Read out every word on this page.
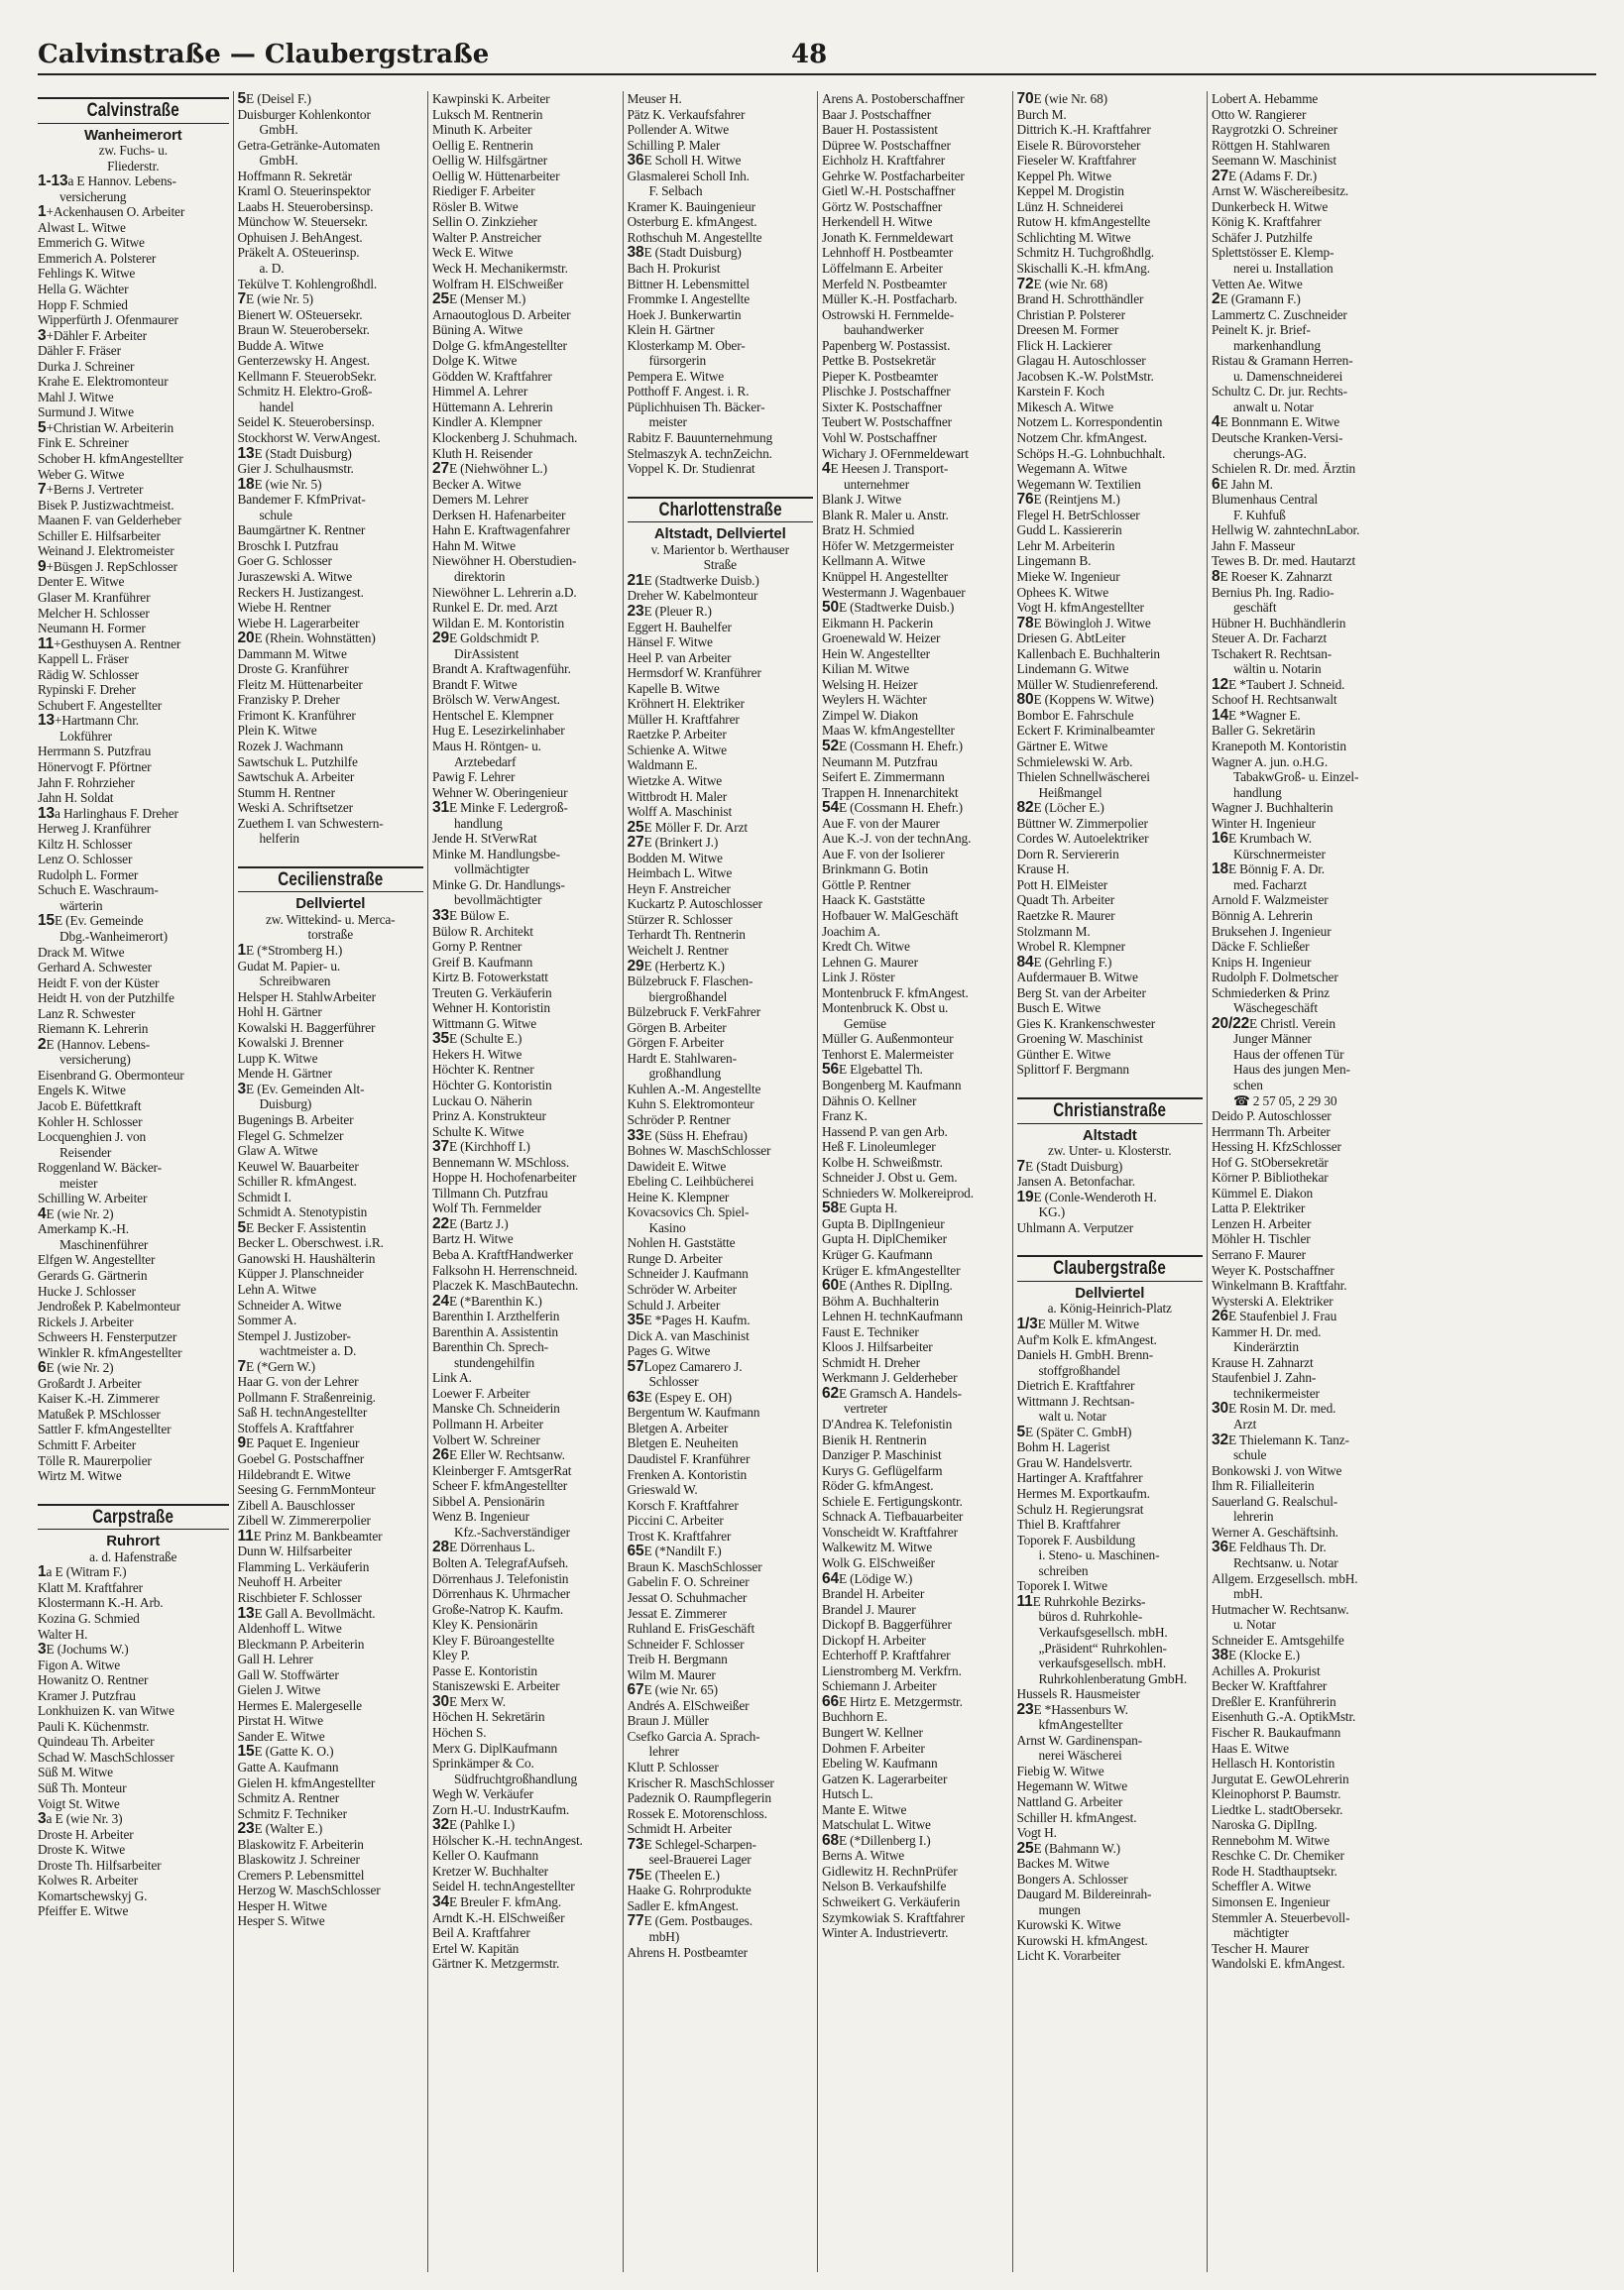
Calvinstraße — Claubergstraße	48
Calvinstraße
Wanheimerort
zw. Fuchs- u.
Fliederstr.
1-13a E Hannov. Lebens-
versicherung
1+Ackenhausen O. Arbeiter
Alwast L. Witwe
Emmerich G. Witwe
Emmerich A. Polsterer
Fehlings K. Witwe
Hella G. Wächter
Hopp F. Schmied
Wipperfürth J. Ofenmaurer
3+Dähler F. Arbeiter
Dähler F. Fräser
Durka J. Schreiner
Krahe E. Elektromonteur
Mahl J. Witwe
Surmund J. Witwe
5+Christian W. Arbeiterin
Fink E. Schreiner
Schober H. kfmAngestellter
Weber G. Witwe
7+Berns J. Vertreter
Bisek P. Justizwachtmeist.
Maanen F. van Gelderheber
Schiller E. Hilfsarbeiter
Weinand J. Elektromeister
9+Büsgen J. RepSchlosser
Denter E. Witwe
Glaser M. Kranführer
Melcher H. Schlosser
Neumann H. Former
11+Gesthuysen A. Rentner
Kappell L. Fräser
Rädig W. Schlosser
Rypinski F. Dreher
Schubert F. Angestellter
13+Hartmann Chr.
Lokführer
Herrmann S. Putzfrau
Hönervogt F. Pförtner
Jahn F. Rohrzieher
Jahn H. Soldat
13a Harlinghaus F. Dreher
Herweg J. Kranführer
Kiltz H. Schlosser
Lenz O. Schlosser
Rudolph L. Former
Schuch E. Waschraum-
wärterin
15E (Ev. Gemeinde
Dbg.-Wanheimerort)
Drack M. Witwe
Gerhard A. Schwester
Heidt F. von der Küster
Heidt H. von der Putzhilfe
Lanz R. Schwester
Riemann K. Lehrerin
2E (Hannov. Lebens-
versicherung)
Eisenbrand G. Obermonteur
Engels K. Witwe
Jacob E. Büfettkraft
Kohler H. Schlosser
Locquenghien J. von
Reisender
Roggenland W. Bäcker-
meister
Schilling W. Arbeiter
4E (wie Nr. 2)
Amerkamp K.-H.
Maschinenführer
Elfgen W. Angestellter
Gerards G. Gärtnerin
Hucke J. Schlosser
Jendroßek P. Kabelmonteur
Rickels J. Arbeiter
Schweers H. Fensterputzer
Winkler R. kfmAngestellter
6E (wie Nr. 2)
Großardt J. Arbeiter
Kaiser K.-H. Zimmerer
Matußek P. MSchlosser
Sattler F. kfmAngestellter
Schmitt F. Arbeiter
Tölle R. Maurerpolier
Wirtz M. Witwe
Carpstraße
Ruhrort
a. d. Hafenstraße
1a E (Witram F.)
Klatt M. Kraftfahrer
Klostermann K.-H. Arb.
Kozina G. Schmied
Walter H.
3E (Jochums W.)
Figon A. Witwe
Howanitz O. Rentner
Kramer J. Putzfrau
Lonkhuizen K. van Witwe
Pauli K. Küchenmstr.
Quindeau Th. Arbeiter
Schad W. MaschSchlosser
Süß M. Witwe
Süß Th. Monteur
Voigt St. Witwe
3a E (wie Nr. 3)
Droste H. Arbeiter
Droste K. Witwe
Droste Th. Hilfsarbeiter
Kolwes R. Arbeiter
Komartschewskyj G.
Pfeiffer E. Witwe
5E (Deisel F.)
Duisburger Kohlenkontor
GmbH.
Getra-Getränke-Automaten
GmbH.
Hoffmann R. Sekretär
Kraml O. Steuerinspektor
Laabs H. Steuerobersinsp.
Münchow W. Steuersekr.
Ophuisen J. BehAngest.
Präkelt A. OSteuerinsp.
a. D.
Tekülve T. Kohlengroßhdl.
7E (wie Nr. 5)
Bienert W. OSteuersekr.
Braun W. Steuerobersekr.
Budde A. Witwe
Genterzewsky H. Angest.
Kellmann F. SteuerobSekr.
Schmitz H. Elektro-Groß-
handel
Seidel K. Steuerobersinsp.
Stockhorst W. VerwAngest.
13E (Stadt Duisburg)
Gier J. Schulhausmstr.
18E (wie Nr. 5)
Bandemer F. KfmPrivat-
schule
Baumgärtner K. Rentner
Broschk I. Putzfrau
Goer G. Schlosser
Juraszewski A. Witwe
Reckers H. Justizangest.
Wiebe H. Rentner
Wiebe H. Lagerarbeiter
20E (Rhein. Wohnstätten)
Dammann M. Witwe
Droste G. Kranführer
Fleitz M. Hüttenarbeiter
Franzisky P. Dreher
Frimont K. Kranführer
Plein K. Witwe
Rozek J. Wachmann
Sawtschuk L. Putzhilfe
Sawtschuk A. Arbeiter
Stumm H. Rentner
Weski A. Schriftsetzer
Zuethem I. van Schwestern-
helferin
Cecilienstraße
Dellviertel
zw. Wittekind- u. Merca-
torstraße
1E (*Stromberg H.)
Gudat M. Papier- u.
Schreibwaren
Helsper H. StahlwArbeiter
Hohl H. Gärtner
Kowalski H. Baggerführer
Kowalski J. Brenner
Lupp K. Witwe
Mende H. Gärtner
3E (Ev. Gemeinden Alt-
Duisburg)
Bugenings B. Arbeiter
Flegel G. Schmelzer
Glaw A. Witwe
Keuwel W. Bauarbeiter
Schiller R. kfmAngest.
Schmidt I.
Schmidt A. Stenotypistin
5E Becker F. Assistentin
Becker L. Oberschwest. i.R.
Ganowski H. Haushälterin
Küpper J. Planschneider
Lehn A. Witwe
Schneider A. Witwe
Sommer A.
Stempel J. Justizober-
wachtmeister a. D.
7E (*Gern W.)
Haar G. von der Lehrer
Pollmann F. Straßenreinig.
Saß H. technAngestellter
Stoffels A. Kraftfahrer
9E Paquet E. Ingenieur
Goebel G. Postschaffner
Hildebrandt E. Witwe
Seesing G. FernmMonteur
Zibell A. Bauschlosser
Zibell W. Zimmererpolier
11E Prinz M. Bankbeamter
Dunn W. Hilfsarbeiter
Flamming L. Verkäuferin
Neuhoff H. Arbeiter
Rischbieter F. Schlosser
13E Gall A. Bevollmächt.
Aldenhoff L. Witwe
Bleckmann P. Arbeiterin
Gall H. Lehrer
Gall W. Stoffwärter
Gielen J. Witwe
Hermes E. Malergeselle
Pirstat H. Witwe
Sander E. Witwe
15E (Gatte K. O.)
Gatte A. Kaufmann
Gielen H. kfmAngestellter
Schmitz A. Rentner
Schmitz F. Techniker
23E (Walter E.)
Blaskowitz F. Arbeiterin
Blaskowitz J. Schreiner
Cremers P. Lebensmittel
Herzog W. MaschSchlosser
Hesper H. Witwe
Hesper S. Witwe
Kawpinski K. Arbeiter
Luksch M. Rentnerin
Minuth K. Arbeiter
Oellig E. Rentnerin
Oellig W. Hilfsgärtner
Oellig W. Hüttenarbeiter
Riediger F. Arbeiter
Rösler B. Witwe
Sellin O. Zinkzieher
Walter P. Anstreicher
Weck E. Witwe
Weck H. Mechanikermstr.
Wolfram H. ElSchweißer
25E (Menser M.)
Arnaoutoglous D. Arbeiter
Büning A. Witwe
Dolge G. kfmAngestellter
Dolge K. Witwe
Gödden W. Kraftfahrer
Himmel A. Lehrer
Hüttemann A. Lehrerin
Kindler A. Klempner
Klockenberg J. Schuhmach.
Kluth H. Reisender
27E (Niehwöhner L.)
Becker A. Witwe
Demers M. Lehrer
Derksen H. Hafenarbeiter
Hahn E. Kraftwagenfahrer
Hahn M. Witwe
Niewöhner H. Oberstudien-
direktorin
Niewöhner L. Lehrerin a.D.
Runkel E. Dr. med. Arzt
Wildan E. M. Kontoristin
29E Goldschmidt P.
DirAssistent
Brandt A. Kraftwagenführ.
Brandt F. Witwe
Brölsch W. VerwAngest.
Hentschel E. Klempner
Hug E. Lesezirkelinhaber
Maus H. Röntgen- u.
Arztebedarf
Pawig F. Lehrer
Wehner W. Oberingenieur
31E Minke F. Ledergroß-
handlung
Jende H. StVerwRat
Minke M. Handlungsbe-
vollmächtigter
Minke G. Dr. Handlungs-
bevollmächtigter
33E Bülow E.
Bülow R. Architekt
Gorny P. Rentner
Greif B. Kaufmann
Kirtz B. Fotowerkstatt
Treuten G. Verkäuferin
Wehner H. Kontoristin
Wittmann G. Witwe
35E (Schulte E.)
Hekers H. Witwe
Höchter K. Rentner
Höchter G. Kontoristin
Luckau O. Näherin
Prinz A. Konstrukteur
Schulte K. Witwe
37E (Kirchhoff I.)
Bennemann W. MSchloss.
Hoppe H. Hochofenarbeiter
Tillmann Ch. Putzfrau
Wolf Th. Fernmelder
22E (Bartz J.)
Bartz H. Witwe
Beba A. KraftfHandwerker
Falksohn H. Herrenschneid.
Placzek K. MaschBautechn.
24E (*Barenthin K.)
Barenthin I. Arzthelferin
Barenthin A. Assistentin
Barenthin Ch. Sprech-
stundengehilfin
Link A.
Loewer F. Arbeiter
Manske Ch. Schneiderin
Pollmann H. Arbeiter
Volbert W. Schreiner
26E Eller W. Rechtsanw.
Kleinberger F. AmtsgerRat
Scheer F. kfmAngestellter
Sibbel A. Pensionärin
Wenz B. Ingenieur
Kfz.-Sachverständiger
28E Dörrenhaus L.
Bolten A. TelegrafAufseh.
Dörrenhaus J. Telefonistin
Dörrenhaus K. Uhrmacher
Große-Natrop K. Kaufm.
Kley K. Pensionärin
Kley F. Büroangestellte
Kley P.
Passe E. Kontoristin
Staniszewski E. Arbeiter
30E Merx W.
Höchen H. Sekretärin
Höchen S.
Merx G. DiplKaufmann
Sprinkämper & Co.
Südfruchtgroßhandlung
Wegh W. Verkäufer
Zorn H.-U. IndustrKaufm.
32E (Pahlke I.)
Hölscher K.-H. technAngest.
Keller O. Kaufmann
Kretzer W. Buchhalter
Seidel H. technAngestellter
34E Breuler F. kfmAng.
Arndt K.-H. ElSchweißer
Beil A. Kraftfahrer
Ertel W. Kapitän
Gärtner K. Metzgermstr.
Meuser H.
Pätz K. Verkaufsfahrer
Pollender A. Witwe
Schilling P. Maler
36E Scholl H. Witwe
Glasmalerei Scholl Inh.
F. Selbach
Kramer K. Bauingenieur
Osterburg E. kfmAngest.
Rothschuh M. Angestellte
38E (Stadt Duisburg)
Bach H. Prokurist
Bittner H. Lebensmittel
Frommke I. Angestellte
Hoek J. Bunkerwartin
Klein H. Gärtner
Klosterkamp M. Ober-
fürsorgerin
Pempera E. Witwe
Potthoff F. Angest. i. R.
Püplichhuisen Th. Bäcker-
meister
Rabitz F. Bauunternehmung
Stelmaszyk A. technZeichn.
Voppel K. Dr. Studienrat
Charlottenstraße
Altstadt, Dellviertel
v. Marientor b. Werthauser
Straße
21E (Stadtwerke Duisb.)
Dreher W. Kabelmonteur
23E (Pleuer R.)
Eggert H. Bauhelfer
Hänsel F. Witwe
Heel P. van Arbeiter
Hermsdorf W. Kranführer
Kapelle B. Witwe
Kröhnert H. Elektriker
Müller H. Kraftfahrer
Raetzke P. Arbeiter
Schienke A. Witwe
Waldmann E.
Wietzke A. Witwe
Wittbrodt H. Maler
Wolff A. Maschinist
25E Möller F. Dr. Arzt
27E (Brinkert J.)
Bodden M. Witwe
Heimbach L. Witwe
Heyn F. Anstreicher
Kuckartz P. Autoschlosser
Stürzer R. Schlosser
Terhardt Th. Rentnerin
Weichelt J. Rentner
29E (Herbertz K.)
Bülzebruck F. Flaschen-
biergroßhandel
Bülzebruck F. VerkFahrer
Görgen B. Arbeiter
Görgen F. Arbeiter
Hardt E. Stahlwaren-
großhandlung
Kuhlen A.-M. Angestellte
Kuhn S. Elektromonteur
Schröder P. Rentner
33E (Süss H. Ehefrau)
Bohnes W. MaschSchlosser
Dawideit E. Witwe
Ebeling C. Leihbücherei
Heine K. Klempner
Kovacsovics Ch. Spiel-
Kasino
Nohlen H. Gaststätte
Runge D. Arbeiter
Schneider J. Kaufmann
Schröder W. Arbeiter
Schuld J. Arbeiter
35E *Pages H. Kaufm.
Dick A. van Maschinist
Pages G. Witwe
57Lopez Camarero J.
Schlosser
63E (Espey E. OH)
Bergentum W. Kaufmann
Bletgen A. Arbeiter
Bletgen E. Neuheiten
Daudistel F. Kranführer
Frenken A. Kontoristin
Grieswald W.
Korsch F. Kraftfahrer
Piccini C. Arbeiter
Trost K. Kraftfahrer
65E (*Nandilt F.)
Braun K. MaschSchlosser
Gabelin F. O. Schreiner
Jessat O. Schuhmacher
Jessat E. Zimmerer
Ruhland E. FrisGeschäft
Schneider F. Schlosser
Treib H. Bergmann
Wilm M. Maurer
67E (wie Nr. 65)
Andrés A. ElSchweißer
Braun J. Müller
Csefko Garcia A. Sprach-
lehrer
Klutt P. Schlosser
Krischer R. MaschSchlosser
Padeznik O. Raumpflegerin
Rossek E. Motorenschloss.
Schmidt H. Arbeiter
73E Schlegel-Scharpen-
seel-Brauerei Lager
75E (Theelen E.)
Haake G. Rohrprodukte
Sadler E. kfmAngest.
77E (Gem. Postbauges.
mbH)
Ahrens H. Postbeamter
Arens A. Postoberschaffner
Baar J. Postschaffner
Bauer H. Postassistent
Düpree W. Postschaffner
Eichholz H. Kraftfahrer
Gehrke W. Postfacharbeiter
Gietl W.-H. Postschaffner
Görtz W. Postschaffner
Herkendell H. Witwe
Jonath K. Fernmeldewart
Lehnhoff H. Postbeamter
Löffelmann E. Arbeiter
Merfeld N. Postbeamter
Müller K.-H. Postfacharb.
Ostrowski H. Fernmelde-
bauhandwerker
Papenberg W. Postassist.
Pettke B. Postsekretär
Pieper K. Postbeamter
Plischke J. Postschaffner
Sixter K. Postschaffner
Teubert W. Postschaffner
Vohl W. Postschaffner
Wichary J. OFernmeldewart
4E Heesen J. Transport-
unternehmer
Blank J. Witwe
Blank R. Maler u. Anstr.
Bratz H. Schmied
Höfer W. Metzgermeister
Kellmann A. Witwe
Knüppel H. Angestellter
Westermann J. Wagenbauer
50E (Stadtwerke Duisb.)
Eikmann H. Packerin
Groenewald W. Heizer
Hein W. Angestellter
Kilian M. Witwe
Welsing H. Heizer
Weylers H. Wächter
Zimpel W. Diakon
Maas W. kfmAngestellter
52E (Cossmann H. Ehefr.)
Neumann M. Putzfrau
Seifert E. Zimmermann
Trappen H. Innenarchitekt
54E (Cossmann H. Ehefr.)
Aue F. von der Maurer
Aue K.-J. von der technAng.
Aue F. von der Isolierer
Brinkmann G. Botin
Göttle P. Rentner
Haack K. Gaststätte
Hofbauer W. MalGeschäft
Joachim A.
Kredt Ch. Witwe
Lehnen G. Maurer
Link J. Röster
Montenbruck F. kfmAngest.
Montenbruck K. Obst u.
Gemüse
Müller G. Außenmonteur
Tenhorst E. Malermeister
56E Elgebattel Th.
Bongenberg M. Kaufmann
Dähnis O. Kellner
Franz K.
Hassend P. van gen Arb.
Heß F. Linoleumleger
Kolbe H. Schweißmstr.
Schneider J. Obst u. Gem.
Schnieders W. Molkereiprod.
58E Gupta H.
Gupta B. DiplIngenieur
Gupta H. DiplChemiker
Krüger G. Kaufmann
Krüger E. kfmAngestellter
60E (Anthes R. DiplIng.
Böhm A. Buchhalterin
Lehnen H. technKaufmann
Faust E. Techniker
Kloos J. Hilfsarbeiter
Schmidt H. Dreher
Werkmann J. Gelderheber
62E Gramsch A. Handels-
vertreter
D'Andrea K. Telefonistin
Bienik H. Rentnerin
Danziger P. Maschinist
Kurys G. Geflügelfarm
Röder G. kfmAngest.
Schiele E. Fertigungskontr.
Schnack A. Tiefbauarbeiter
Vonscheidt W. Kraftfahrer
Walkewitz M. Witwe
Wolk G. ElSchweißer
64E (Lödige W.)
Brandel H. Arbeiter
Brandel J. Maurer
Dickopf B. Baggerführer
Dickopf H. Arbeiter
Echterhoff P. Kraftfahrer
Lienstromberg M. Verkfrn.
Schiemann J. Arbeiter
66E Hirtz E. Metzgermstr.
Buchhorn E.
Bungert W. Kellner
Dohmen F. Arbeiter
Ebeling W. Kaufmann
Gatzen K. Lagerarbeiter
Hutsch L.
Mante E. Witwe
Matschulat L. Witwe
68E (*Dillenberg I.)
Berns A. Witwe
Gidlewitz H. RechnPrüfer
Nelson B. Verkaufshilfe
Schweikert G. Verkäuferin
Szymkowiak S. Kraftfahrer
Winter A. Industrievertr.
70E (wie Nr. 68)
Burch M.
Dittrich K.-H. Kraftfahrer
Eisele R. Bürovorsteher
Fieseler W. Kraftfahrer
Keppel Ph. Witwe
Keppel M. Drogistin
Lünz H. Schneiderei
Rutow H. kfmAngestellte
Schlichting M. Witwe
Schmitz H. Tuchgroßhdlg.
Skischalli K.-H. kfmAng.
72E (wie Nr. 68)
Brand H. Schrotthändler
Christian P. Polsterer
Dreesen M. Former
Flick H. Lackierer
Glagau H. Autoschlosser
Jacobsen K.-W. PolstMstr.
Karstein F. Koch
Mikesch A. Witwe
Notzem L. Korrespondentin
Notzem Chr. kfmAngest.
Schöps H.-G. Lohnbuchhalt.
Wegemann A. Witwe
Wegemann W. Textilien
76E (Reintjens M.)
Flegel H. BetrSchlosser
Gudd L. Kassiererin
Lehr M. Arbeiterin
Lingemann B.
Mieke W. Ingenieur
Ophees K. Witwe
Vogt H. kfmAngestellter
78E Böwingloh J. Witwe
Driesen G. AbtLeiter
Kallenbach E. Buchhalterin
Lindemann G. Witwe
Müller W. Studienreferend.
80E (Koppens W. Witwe)
Bombor E. Fahrschule
Eckert F. Kriminalbeamter
Gärtner E. Witwe
Schmielewski W. Arb.
Thielen Schnellwäscherei
Heißmangel
82E (Löcher E.)
Büttner W. Zimmerpolier
Cordes W. Autoelektriker
Dorn R. Serviererin
Krause H.
Pott H. ElMeister
Quadt Th. Arbeiter
Raetzke R. Maurer
Stolzmann M.
Wrobel R. Klempner
84E (Gehrling F.)
Aufdermauer B. Witwe
Berg St. van der Arbeiter
Busch E. Witwe
Gies K. Krankenschwester
Groening W. Maschinist
Günther E. Witwe
Splittorf F. Bergmann
Christianstraße
Altstadt
zw. Unter- u. Klosterstr.
7E (Stadt Duisburg)
Jansen A. Betonfachar.
19E (Conle-Wenderoth H.
KG.)
Uhlmann A. Verputzer
Claubergstraße
Dellviertel
a. König-Heinrich-Platz
1/3E Müller M. Witwe
Auf'm Kolk E. kfmAngest.
Daniels H. GmbH. Brenn-
stoffgroßhandel
Dietrich E. Kraftfahrer
Wittmann J. Rechtsan-
walt u. Notar
5E (Später C. GmbH)
Bohm H. Lagerist
Grau W. Handelsvertr.
Hartinger A. Kraftfahrer
Hermes M. Exportkaufm.
Schulz H. Regierungsrat
Thiel B. Kraftfahrer
Toporek F. Ausbildung
i. Steno- u. Maschinen-
schreiben
Toporek I. Witwe
11E Ruhrkohle Bezirks-
büros d. Ruhrkohle-
Verkaufsgesellsch. mbH.
„Präsident“ Ruhrkohlen-
verkaufsgesellsch. mbH.
Ruhrkohlenberatung GmbH.
Hussels R. Hausmeister
23E *Hassenburs W.
kfmAngestellter
Arnst W. Gardinenspan-
nerei Wäscherei
Fiebig W. Witwe
Hegemann W. Witwe
Nattland G. Arbeiter
Schiller H. kfmAngest.
Vogt H.
25E (Bahmann W.)
Backes M. Witwe
Bongers A. Schlosser
Daugard M. Bildereinrah-
mungen
Kurowski K. Witwe
Kurowski H. kfmAngest.
Licht K. Vorarbeiter
Lobert A. Hebamme
Otto W. Rangierer
Raygrotzki O. Schreiner
Röttgen H. Stahlwaren
Seemann W. Maschinist
27E (Adams F. Dr.)
Arnst W. Wäschereibesitz.
Dunkerbeck H. Witwe
König K. Kraftfahrer
Schäfer J. Putzhilfe
Splettstösser E. Klemp-
nerei u. Installation
Vetten Ae. Witwe
2E (Gramann F.)
Lammertz C. Zuschneider
Peinelt K. jr. Brief-
markenhandlung
Ristau & Gramann Herren-
u. Damenschneiderei
Schultz C. Dr. jur. Rechts-
anwalt u. Notar
4E Bonnmann E. Witwe
Deutsche Kranken-Versi-
cherungs-AG.
Schielen R. Dr. med. Ärztin
6E Jahn M.
Blumenhaus Central
F. Kuhfuß
Hellwig W. zahntechnLabor.
Jahn F. Masseur
Tewes B. Dr. med. Hautarzt
8E Roeser K. Zahnarzt
Bernius Ph. Ing. Radio-
geschäft
Hübner H. Buchhändlerin
Steuer A. Dr. Facharzt
Tschakert R. Rechtsan-
wältin u. Notarin
12E *Taubert J. Schneid.
Schoof H. Rechtsanwalt
14E *Wagner E.
Baller G. Sekretärin
Kranepoth M. Kontoristin
Wagner A. jun. o.H.G.
TabakwGroß- u. Einzel-
handlung
Wagner J. Buchhalterin
Winter H. Ingenieur
16E Krumbach W.
Kürschnermeister
18E Bönnig F. A. Dr.
med. Facharzt
Arnold F. Walzmeister
Bönnig A. Lehrerin
Bruksehen J. Ingenieur
Däcke F. Schließer
Knips H. Ingenieur
Rudolph F. Dolmetscher
Schmiederken & Prinz
Wäschegeschäft
20/22E Christl. Verein
Junger Männer
Haus der offenen Tür
Haus des jungen Men-
schen
☎ 2 57 05, 2 29 30
Deido P. Autoschlosser
Herrmann Th. Arbeiter
Hessing H. KfzSchlosser
Hof G. StObersekretär
Körner P. Bibliothekar
Kümmel E. Diakon
Latta P. Elektriker
Lenzen H. Arbeiter
Möhler H. Tischler
Serrano F. Maurer
Weyer K. Postschaffner
Winkelmann B. Kraftfahr.
Wysterski A. Elektriker
26E Staufenbiel J. Frau
Kammer H. Dr. med.
Kinderärztin
Krause H. Zahnarzt
Staufenbiel J. Zahn-
technikermeister
30E Rosin M. Dr. med.
Arzt
32E Thielemann K. Tanz-
schule
Bonkowski J. von Witwe
Ihm R. Filialleiterin
Sauerland G. Realschul-
lehrerin
Werner A. Geschäftsinh.
36E Feldhaus Th. Dr.
Rechtsanw. u. Notar
Allgem. Erzgesellsch. mbH.
mbH.
Hutmacher W. Rechtsanw.
u. Notar
Schneider E. Amtsgehilfe
38E (Klocke E.)
Achilles A. Prokurist
Becker W. Kraftfahrer
Dreßler E. Kranführerin
Eisenhuth G.-A. OptikMstr.
Fischer R. Baukaufmann
Haas E. Witwe
Hellasch H. Kontoristin
Jurgutat E. GewOLehrerin
Kleinophorst P. Baumstr.
Liedtke L. stadtObersekr.
Naroska G. DiplIng.
Rennebohm M. Witwe
Reschke C. Dr. Chemiker
Rode H. Stadthauptsekr.
Scheffler A. Witwe
Simonsen E. Ingenieur
Stemmler A. Steuerbevoll-
mächtigter
Tescher H. Maurer
Wandolski E. kfmAngest.
